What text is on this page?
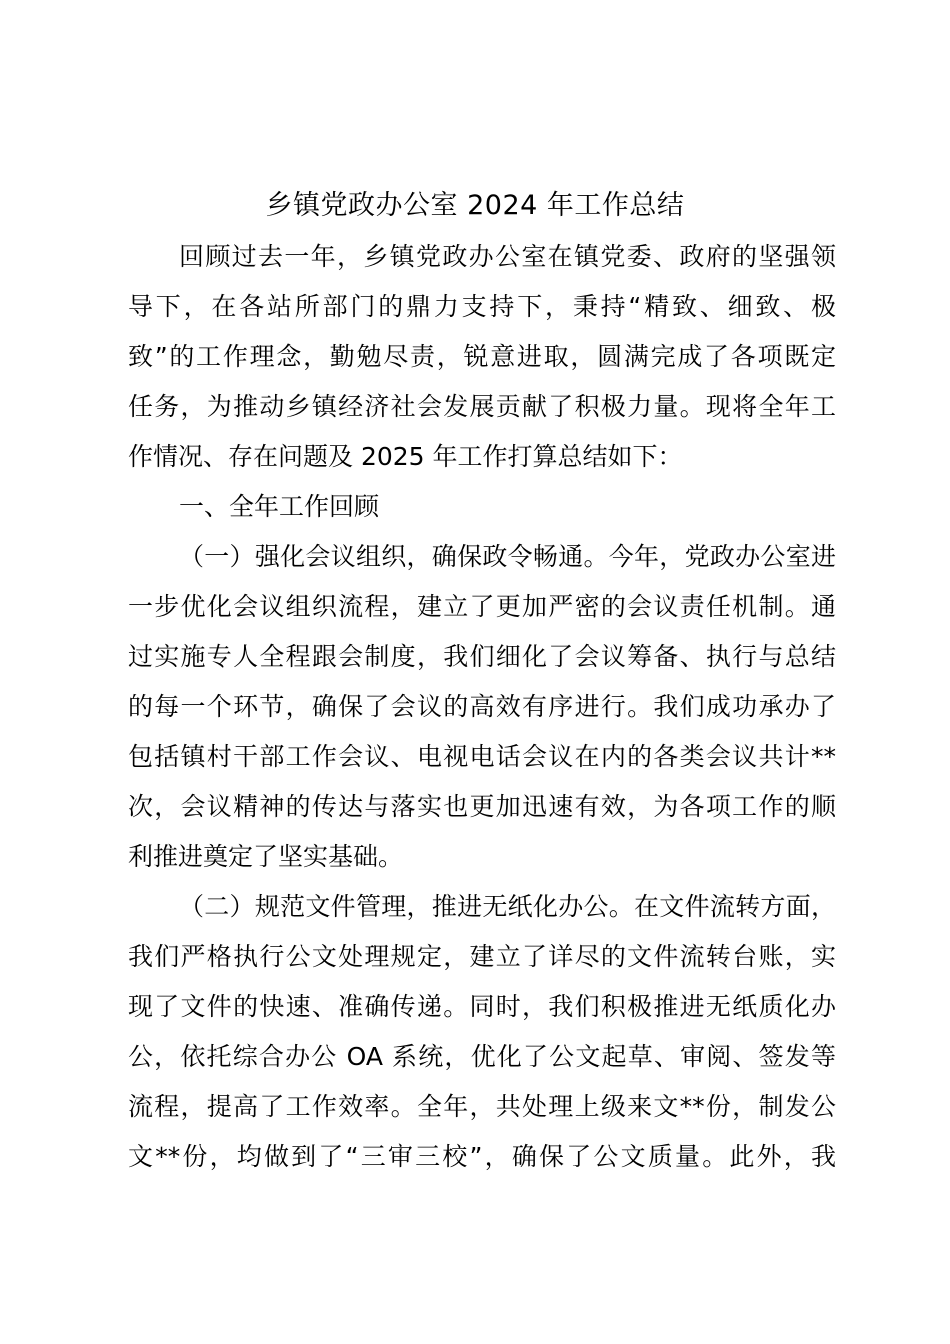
乡镇党政办公室 2024 年工作总结
回顾过去一年，乡镇党政办公室在镇党委、政府的坚强领
导下，在各站所部门的鼎力支持下，秉持“精致、细致、极
致”的工作理念，勤勉尽责，锐意进取，圆满完成了各项既定
任务，为推动乡镇经济社会发展贡献了积极力量。现将全年工
作情况、存在问题及 2025 年工作打算总结如下：
一、全年工作回顾
（一）强化会议组织，确保政令畅通。今年，党政办公室进
一步优化会议组织流程，建立了更加严密的会议责任机制。通
过实施专人全程跟会制度，我们细化了会议筹备、执行与总结
的每一个环节，确保了会议的高效有序进行。我们成功承办了
包括镇村干部工作会议、电视电话会议在内的各类会议共计**
次，会议精神的传达与落实也更加迅速有效，为各项工作的顺
利推进奠定了坚实基础。
（二）规范文件管理，推进无纸化办公。在文件流转方面，
我们严格执行公文处理规定，建立了详尽的文件流转台账，实
现了文件的快速、准确传递。同时，我们积极推进无纸质化办
公，依托综合办公 OA 系统，优化了公文起草、审阅、签发等
流程，提高了工作效率。全年，共处理上级来文**份，制发公
文**份，均做到了“三审三校”，确保了公文质量。此外，我
